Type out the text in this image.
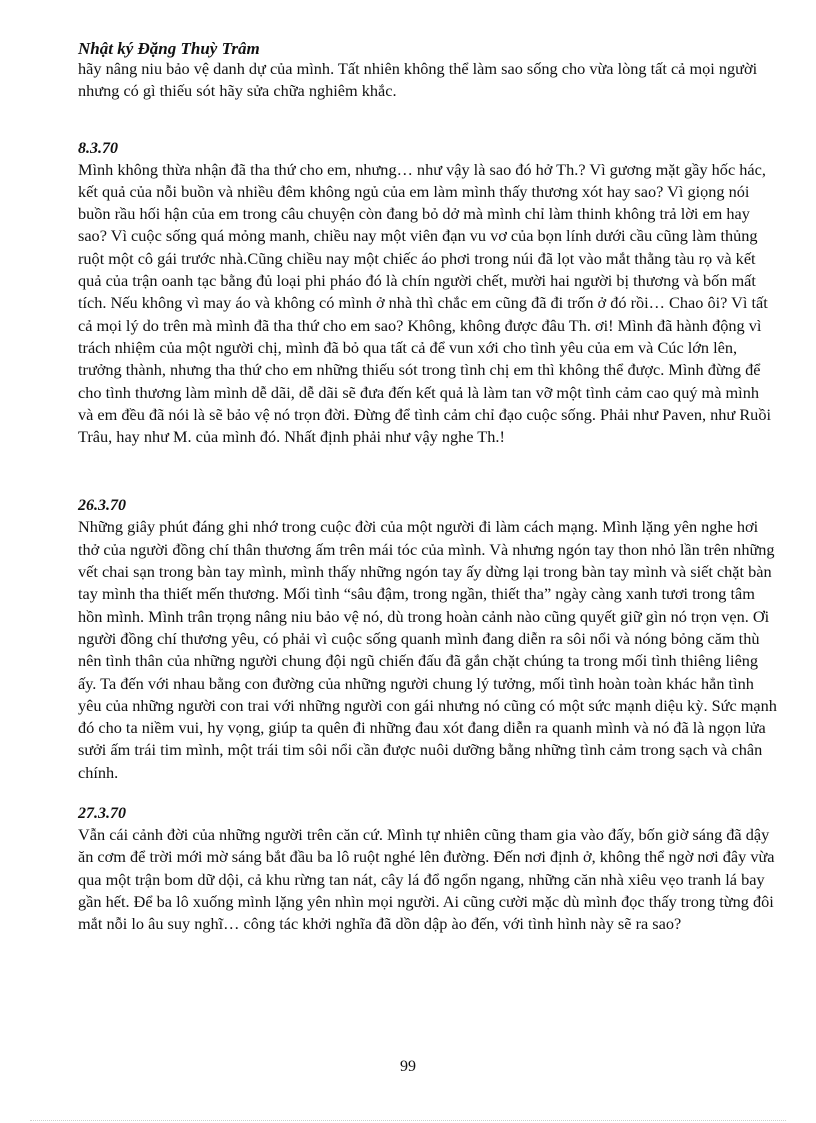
Nhật ký Đặng Thuỳ Trâm

hãy nâng niu bảo vệ danh dự của mình. Tất nhiên không thể làm sao sống cho vừa lòng tất cả mọi người nhưng có gì thiếu sót hãy sửa chữa nghiêm khắc.

8.3.70

Mình không thừa nhận đã tha thứ cho em, nhưng… như vậy là sao đó hở Th.? Vì gương mặt gầy hốc hác, kết quả của nỗi buồn và nhiều đêm không ngủ của em làm mình thấy thương xót hay sao? Vì giọng nói buồn rầu hối hận của em trong câu chuyện còn đang bỏ dở mà mình chỉ làm thinh không trả lời em hay sao? Vì cuộc sống quá mỏng manh, chiều nay một viên đạn vu vơ của bọn lính dưới cầu cũng làm thủng ruột một cô gái trước nhà.Cũng chiều nay một chiếc áo phơi trong núi đã lọt vào mắt thằng tàu rọ và kết quả của trận oanh tạc bằng đủ loại phi pháo đó là chín người chết, mười hai người bị thương và bốn mất tích. Nếu không vì may áo và không có mình ở nhà thì chắc em cũng đã đi trốn ở đó rồi… Chao ôi? Vì tất cả mọi lý do trên mà mình đã tha thứ cho em sao? Không, không được đâu Th. ơi! Mình đã hành động vì trách nhiệm của một người chị, mình đã bỏ qua tất cả để vun xới cho tình yêu của em và Cúc lớn lên, trưởng thành, nhưng tha thứ cho em những thiếu sót trong tình chị em thì không thể được. Mình đừng để cho tình thương làm mình dễ dãi, dễ dãi sẽ đưa đến kết quả là làm tan vỡ một tình cảm cao quý mà mình và em đều đã nói là sẽ bảo vệ nó trọn đời. Đừng để tình cảm chỉ đạo cuộc sống. Phải như Paven, như Ruồi Trâu, hay như M. của mình đó. Nhất định phải như vậy nghe Th.!

26.3.70

Những giây phút đáng ghi nhớ trong cuộc đời của một người đi làm cách mạng. Mình lặng yên nghe hơi thở của người đồng chí thân thương ấm trên mái tóc của mình. Và nhưng ngón tay thon nhỏ lần trên những vết chai sạn trong bàn tay mình, mình thấy những ngón tay ấy dừng lại trong bàn tay mình và siết chặt bàn tay mình tha thiết mến thương. Mối tình “sâu đậm, trong ngần, thiết tha” ngày càng xanh tươi trong tâm hồn mình. Mình trân trọng nâng niu bảo vệ nó, dù trong hoàn cảnh nào cũng quyết giữ gìn nó trọn vẹn. Ơi người đồng chí thương yêu, có phải vì cuộc sống quanh mình đang diễn ra sôi nổi và nóng bỏng căm thù nên tình thân của những người chung đội ngũ chiến đấu đã gắn chặt chúng ta trong mối tình thiêng liêng ấy. Ta đến với nhau bằng con đường của những người chung lý tưởng, mối tình hoàn toàn khác hẳn tình yêu của những người con trai với những người con gái nhưng nó cũng có một sức mạnh diệu kỳ. Sức mạnh đó cho ta niềm vui, hy vọng, giúp ta quên đi những đau xót đang diễn ra quanh mình và nó đã là ngọn lửa sưởi ấm trái tim mình, một trái tim sôi nổi cần được nuôi dưỡng bằng những tình cảm trong sạch và chân chính.

27.3.70

Vẫn cái cảnh đời của những người trên căn cứ. Mình tự nhiên cũng tham gia vào đấy, bốn giờ sáng đã dậy ăn cơm để trời mới mờ sáng bắt đầu ba lô ruột nghé lên đường. Đến nơi định ở, không thể ngờ nơi đây vừa qua một trận bom dữ dội, cả khu rừng tan nát, cây lá đổ ngổn ngang, những căn nhà xiêu vẹo tranh lá bay gần hết. Để ba lô xuống mình lặng yên nhìn mọi người. Ai cũng cười mặc dù mình đọc thấy trong từng đôi mắt nỗi lo âu suy nghĩ… công tác khởi nghĩa đã dồn dập ào đến, với tình hình này sẽ ra sao?

99
